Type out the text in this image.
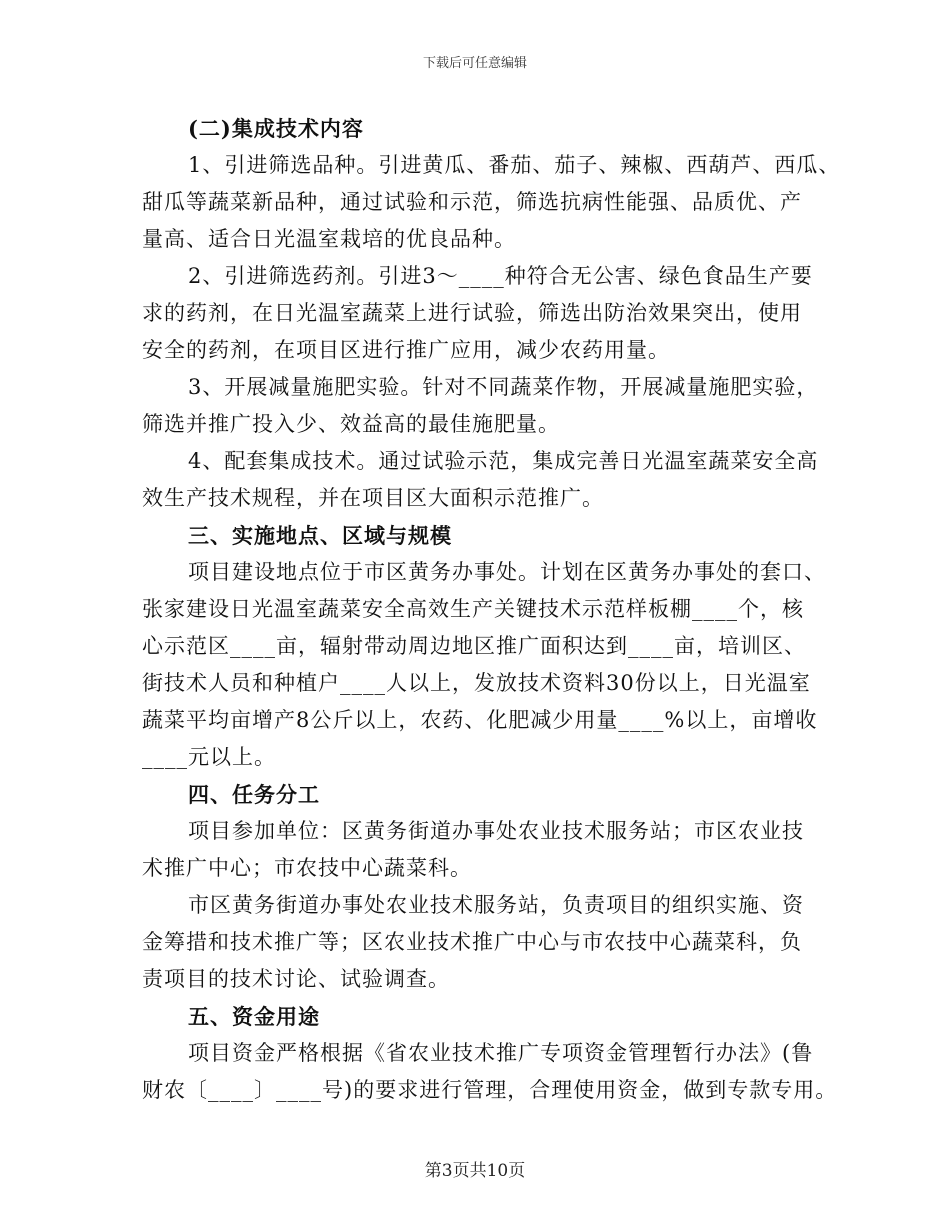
下载后可任意编辑
(二)集成技术内容
1、引进筛选品种。引进黄瓜、番茄、茄子、辣椒、西葫芦、西瓜、
甜瓜等蔬菜新品种，通过试验和示范，筛选抗病性能强、品质优、产
量高、适合日光温室栽培的优良品种。
2、引进筛选药剂。引进3～____种符合无公害、绿色食品生产要
求的药剂，在日光温室蔬菜上进行试验，筛选出防治效果突出，使用
安全的药剂，在项目区进行推广应用，减少农药用量。
3、开展减量施肥实验。针对不同蔬菜作物，开展减量施肥实验，
筛选并推广投入少、效益高的最佳施肥量。
4、配套集成技术。通过试验示范，集成完善日光温室蔬菜安全高
效生产技术规程，并在项目区大面积示范推广。
三、实施地点、区域与规模
项目建设地点位于市区黄务办事处。计划在区黄务办事处的套口、
张家建设日光温室蔬菜安全高效生产关键技术示范样板棚____个，核
心示范区____亩，辐射带动周边地区推广面积达到____亩，培训区、
街技术人员和种植户____人以上，发放技术资料30份以上，日光温室
蔬菜平均亩增产8公斤以上，农药、化肥减少用量____%以上，亩增收
____元以上。
四、任务分工
项目参加单位：区黄务街道办事处农业技术服务站；市区农业技
术推广中心；市农技中心蔬菜科。
市区黄务街道办事处农业技术服务站，负责项目的组织实施、资
金筹措和技术推广等；区农业技术推广中心与市农技中心蔬菜科，负
责项目的技术讨论、试验调查。
五、资金用途
项目资金严格根据《省农业技术推广专项资金管理暂行办法》(鲁
财农〔____〕____号)的要求进行管理，合理使用资金，做到专款专用。
第3页共10页
